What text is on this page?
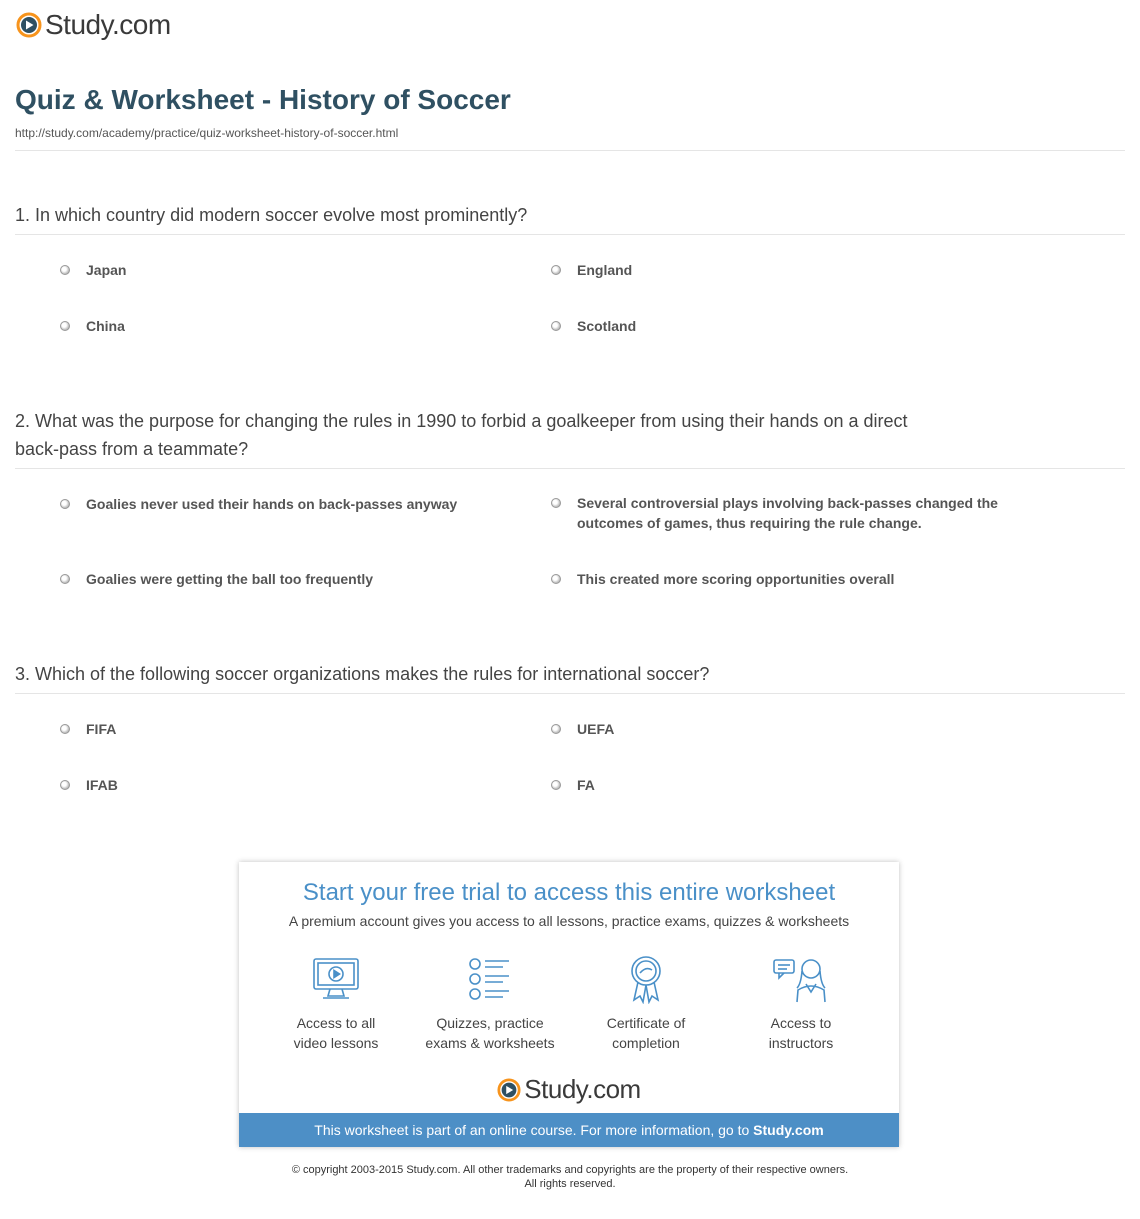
Study.com
Quiz & Worksheet - History of Soccer
http://study.com/academy/practice/quiz-worksheet-history-of-soccer.html
1. In which country did modern soccer evolve most prominently?
Japan	England
China	Scotland
2. What was the purpose for changing the rules in 1990 to forbid a goalkeeper from using their hands on a direct back-pass from a teammate?
Goalies never used their hands on back-passes anyway	Several controversial plays involving back-passes changed the outcomes of games, thus requiring the rule change.
Goalies were getting the ball too frequently	This created more scoring opportunities overall
3. Which of the following soccer organizations makes the rules for international soccer?
FIFA	UEFA
IFAB	FA
Start your free trial to access this entire worksheet
A premium account gives you access to all lessons, practice exams, quizzes & worksheets
Access to all
video lessons
Quizzes, practice
exams & worksheets
Certificate of
completion
Access to
instructors
Study.com
This worksheet is part of an online course. For more information, go to Study.com
© copyright 2003-2015 Study.com. All other trademarks and copyrights are the property of their respective owners.
All rights reserved.
